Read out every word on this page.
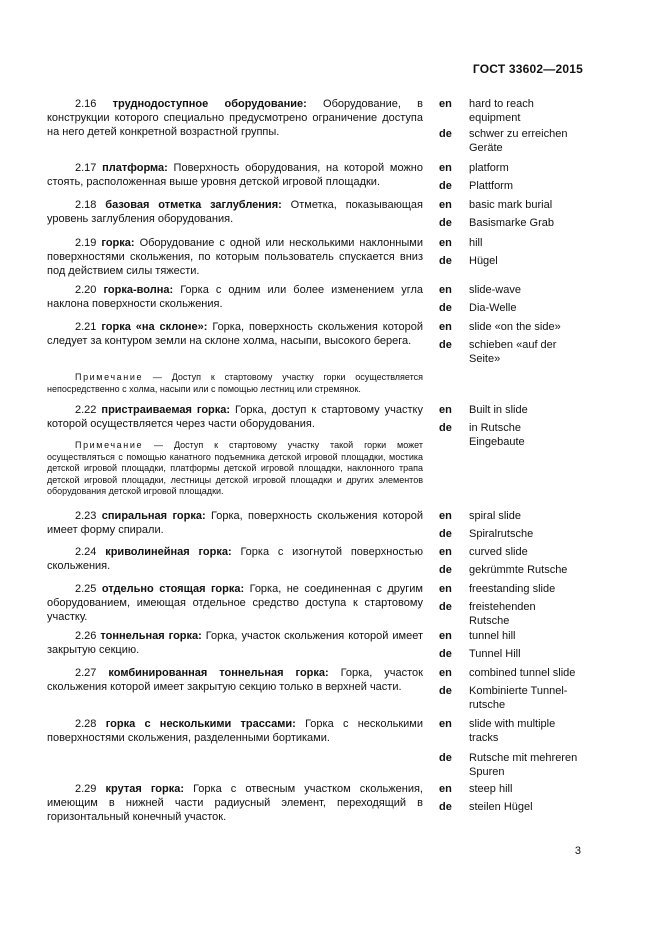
ГОСТ 33602—2015
2.16 труднодоступное оборудование: Оборудование, в конструкции которого специально предусмотрено ограничение доступа на него детей конкретной возрастной группы.
en	hard to reach equipment
de	schwer zu erreichen Geräte
2.17 платформа: Поверхность оборудования, на которой можно стоять, расположенная выше уровня детской игровой площадки.
en	platform
de	Plattform
2.18 базовая отметка заглубления: Отметка, показывающая уровень заглубления оборудования.
en	basic mark burial
de	Basismarke Grab
2.19 горка: Оборудование с одной или несколькими наклонными поверхностями скольжения, по которым пользователь спускается вниз под действием силы тяжести.
en	hill
de	Hügel
2.20 горка-волна: Горка с одним или более изменением угла наклона поверхности скольжения.
en	slide-wave
de	Dia-Welle
2.21 горка «на склоне»: Горка, поверхность скольжения которой следует за контуром земли на склоне холма, насыпи, высокого берега.
en	slide «on the side»
de	schieben «auf der Seite»
Примечание — Доступ к стартовому участку горки осуществляется непосредственно с холма, насыпи или с помощью лестниц или стремянок.
2.22 пристраиваемая горка: Горка, доступ к стартовому участку которой осуществляется через части оборудования.
en	Built in slide
de	in Rutsche Eingebaute
Примечание — Доступ к стартовому участку такой горки может осуществляться с помощью канатного подъемника детской игровой площадки, мостика детской игровой площадки, платформы детской игровой площадки, наклонного трапа детской игровой площадки, лестницы детской игровой площадки и других элементов оборудования детской игровой площадки.
2.23 спиральная горка: Горка, поверхность скольжения которой имеет форму спирали.
en	spiral slide
de	Spiralrutsche
2.24 криволинейная горка: Горка с изогнутой поверхностью скольжения.
en	curved slide
de	gekrümmte Rutsche
2.25 отдельно стоящая горка: Горка, не соединенная с другим оборудованием, имеющая отдельное средство доступа к стартовому участку.
en	freestanding slide
de	freistehenden Rutsche
2.26 тоннельная горка: Горка, участок скольжения которой имеет закрытую секцию.
en	tunnel hill
de	Tunnel Hill
2.27 комбинированная тоннельная горка: Горка, участок скольжения которой имеет закрытую секцию только в верхней части.
en	combined tunnel slide
de	Kombinierte Tunnel-rutsche
2.28 горка с несколькими трассами: Горка с несколькими поверхностями скольжения, разделенными бортиками.
en	slide with multiple tracks
de	Rutsche mit mehreren Spuren
2.29 крутая горка: Горка с отвесным участком скольжения, имеющим в нижней части радиусный элемент, переходящий в горизонтальный конечный участок.
en	steep hill
de	steilen Hügel
3
